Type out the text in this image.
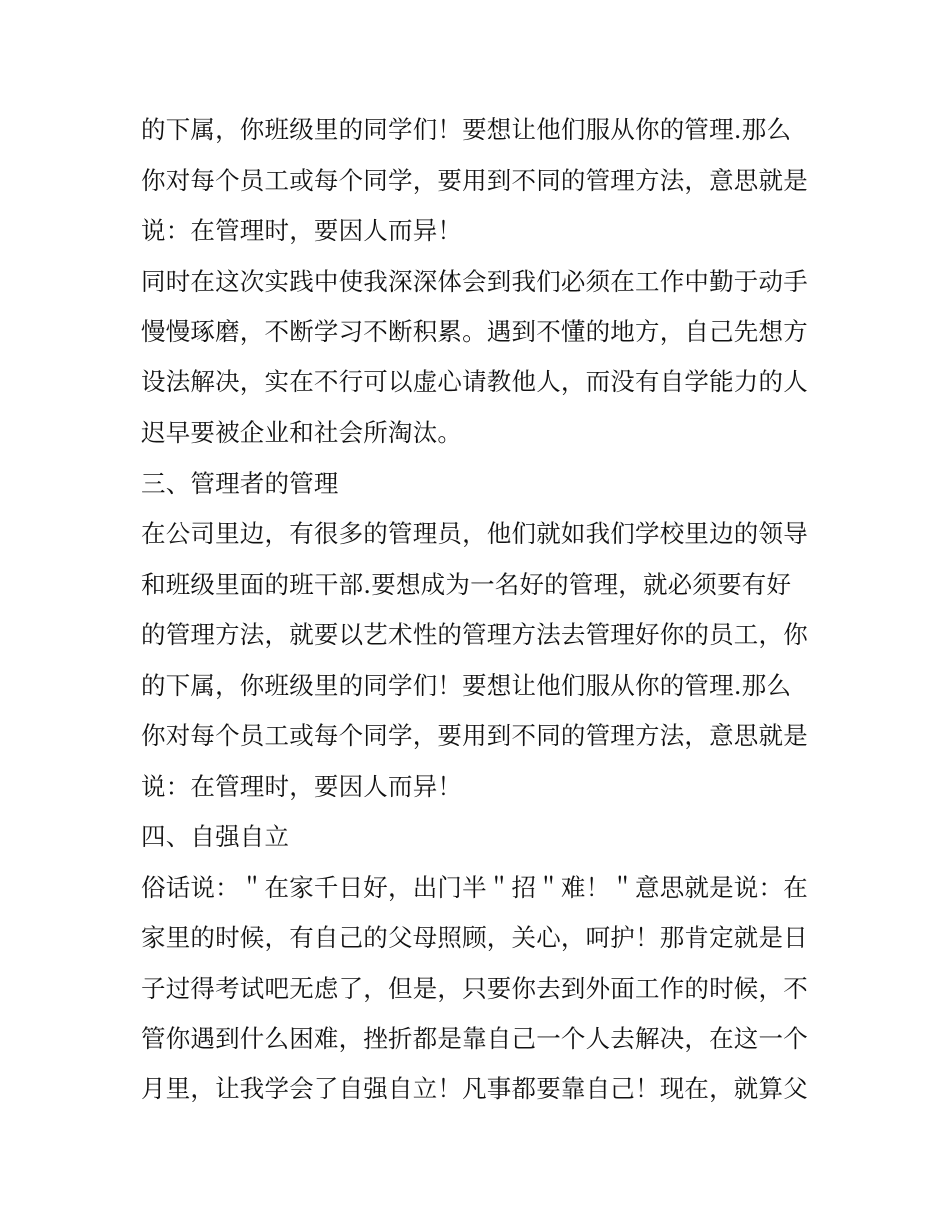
的下属，你班级里的同学们！要想让他们服从你的管理.那么
你对每个员工或每个同学，要用到不同的管理方法，意思就是
说：在管理时，要因人而异！
同时在这次实践中使我深深体会到我们必须在工作中勤于动手
慢慢琢磨，不断学习不断积累。遇到不懂的地方，自己先想方
设法解决，实在不行可以虚心请教他人，而没有自学能力的人
迟早要被企业和社会所淘汰。
三、管理者的管理
在公司里边，有很多的管理员，他们就如我们学校里边的领导
和班级里面的班干部.要想成为一名好的管理，就必须要有好
的管理方法，就要以艺术性的管理方法去管理好你的员工，你
的下属，你班级里的同学们！要想让他们服从你的管理.那么
你对每个员工或每个同学，要用到不同的管理方法，意思就是
说：在管理时，要因人而异！
四、自强自立
俗话说：＂在家千日好，出门半＂招＂难！＂意思就是说：在
家里的时候，有自己的父母照顾，关心，呵护！那肯定就是日
子过得考试吧无虑了，但是，只要你去到外面工作的时候，不
管你遇到什么困难，挫折都是靠自己一个人去解决，在这一个
月里，让我学会了自强自立！凡事都要靠自己！现在，就算父
